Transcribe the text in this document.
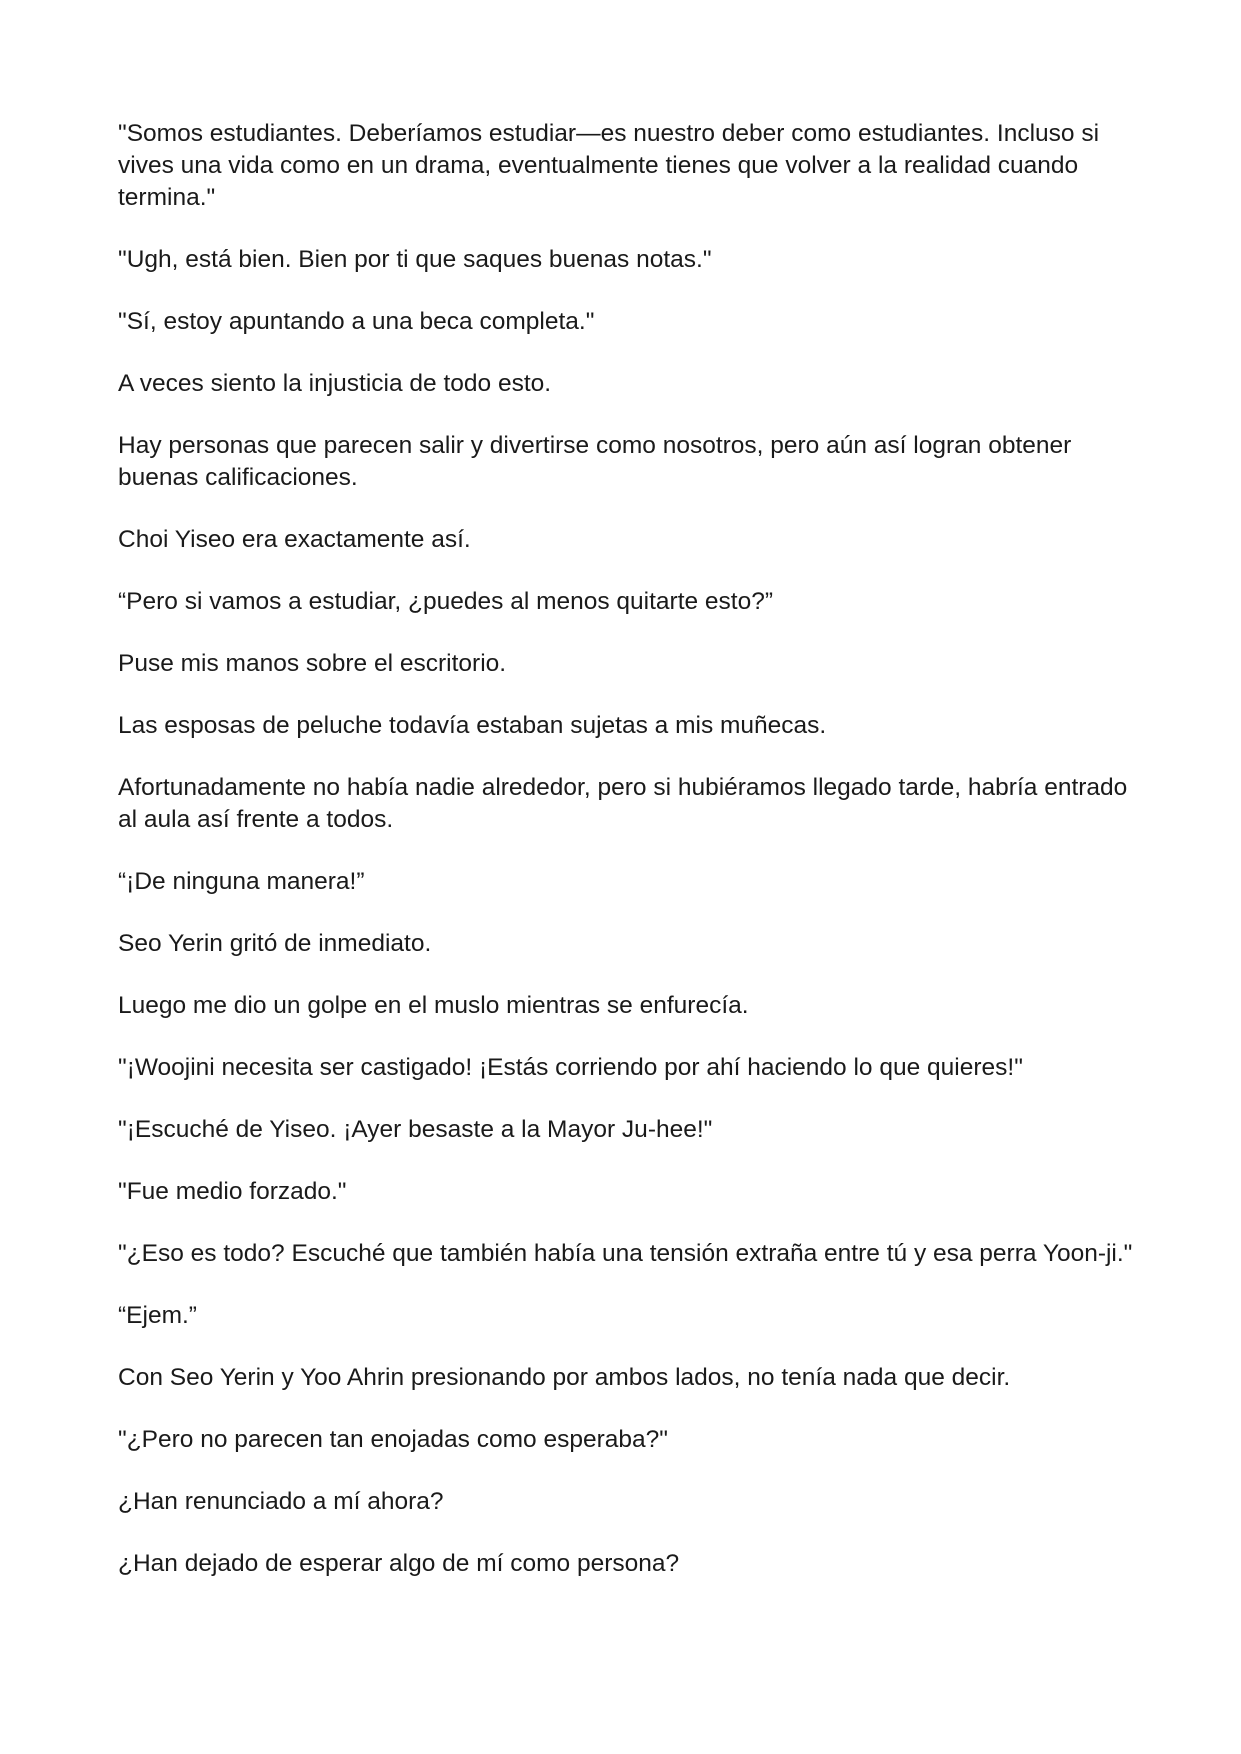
"Somos estudiantes. Deberíamos estudiar—es nuestro deber como estudiantes. Incluso si vives una vida como en un drama, eventualmente tienes que volver a la realidad cuando termina."

"Ugh, está bien. Bien por ti que saques buenas notas."

"Sí, estoy apuntando a una beca completa."

A veces siento la injusticia de todo esto.

Hay personas que parecen salir y divertirse como nosotros, pero aún así logran obtener buenas calificaciones.

Choi Yiseo era exactamente así.

“Pero si vamos a estudiar, ¿puedes al menos quitarte esto?”

Puse mis manos sobre el escritorio.

Las esposas de peluche todavía estaban sujetas a mis muñecas.

Afortunadamente no había nadie alrededor, pero si hubiéramos llegado tarde, habría entrado al aula así frente a todos.

“¡De ninguna manera!”

Seo Yerin gritó de inmediato.

Luego me dio un golpe en el muslo mientras se enfurecía.

"¡Woojini necesita ser castigado! ¡Estás corriendo por ahí haciendo lo que quieres!"

"¡Escuché de Yiseo. ¡Ayer besaste a la Mayor Ju-hee!"

"Fue medio forzado."

"¿Eso es todo? Escuché que también había una tensión extraña entre tú y esa perra Yoon-ji."

“Ejem.”

Con Seo Yerin y Yoo Ahrin presionando por ambos lados, no tenía nada que decir.

"¿Pero no parecen tan enojadas como esperaba?"

¿Han renunciado a mí ahora?

¿Han dejado de esperar algo de mí como persona?
